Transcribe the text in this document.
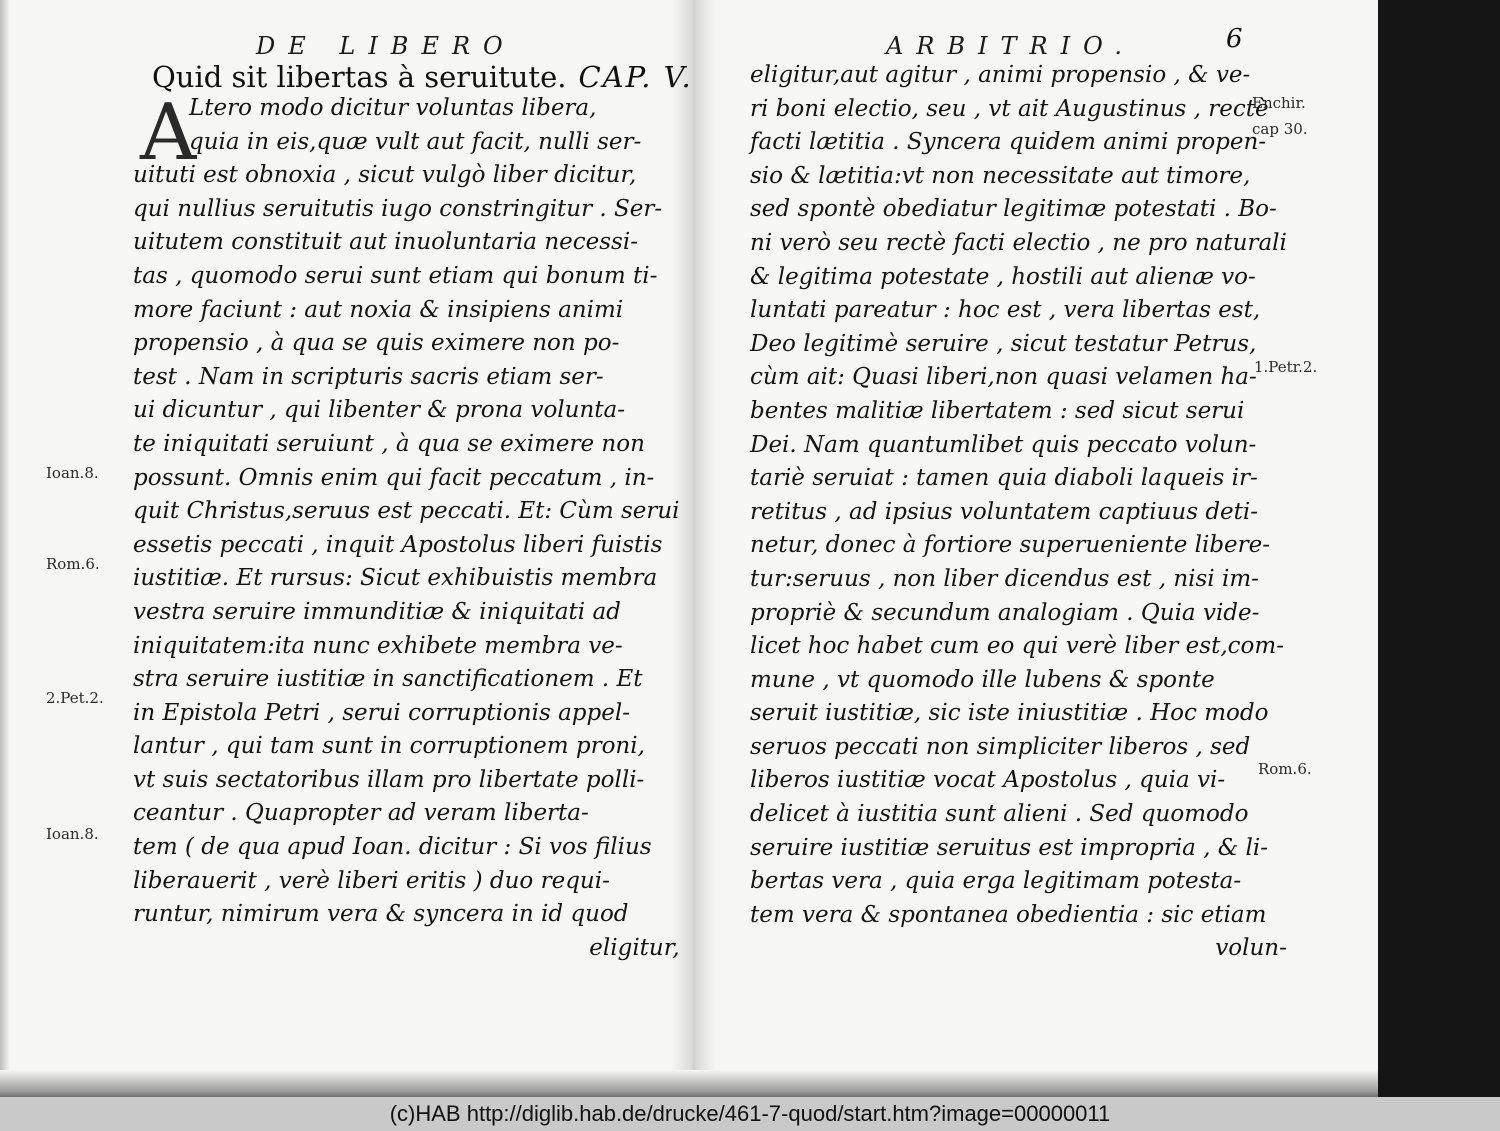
DE LIBERO
Quid sit libertas à seruitute. CAP. V.
A
Ltero modo dicitur voluntas libera,
quia in eis,quæ vult aut facit, nulli ser-
uituti est obnoxia , sicut vulgò liber dicitur,
qui nullius seruitutis iugo constringitur . Ser-
uitutem constituit aut inuoluntaria necessi-
tas , quomodo serui sunt etiam qui bonum ti-
more faciunt : aut noxia & insipiens animi
propensio , à qua se quis eximere non po-
test . Nam in scripturis sacris etiam ser-
ui dicuntur , qui libenter & prona volunta-
te iniquitati seruiunt , à qua se eximere non
possunt. Omnis enim qui facit peccatum , in-
quit Christus,seruus est peccati. Et: Cùm serui
essetis peccati , inquit Apostolus liberi fuistis
iustitiæ. Et rursus: Sicut exhibuistis membra
vestra seruire immunditiæ & iniquitati ad
iniquitatem:ita nunc exhibete membra ve-
stra seruire iustitiæ in sanctificationem . Et
in Epistola Petri , serui corruptionis appel-
lantur , qui tam sunt in corruptionem proni,
vt suis sectatoribus illam pro libertate polli-
ceantur . Quapropter ad veram liberta-
tem ( de qua apud Ioan. dicitur : Si vos filius
liberauerit , verè liberi eritis ) duo requi-
runtur, nimirum vera & syncera in id quod
eligitur,
Ioan.8.
Rom.6.
2.Pet.2.
Ioan.8.
ARBITRIO.	6
eligitur,aut agitur , animi propensio , & ve-
ri boni electio, seu , vt ait Augustinus , rectè
facti lætitia . Syncera quidem animi propen-
sio & lætitia:vt non necessitate aut timore,
sed spontè obediatur legitimæ potestati . Bo-
ni verò seu rectè facti electio , ne pro naturali
& legitima potestate , hostili aut alienæ vo-
luntati pareatur : hoc est , vera libertas est,
Deo legitimè seruire , sicut testatur Petrus,
cùm ait: Quasi liberi,non quasi velamen ha-
bentes malitiæ libertatem : sed sicut serui
Dei. Nam quantumlibet quis peccato volun-
tariè seruiat : tamen quia diaboli laqueis ir-
retitus , ad ipsius voluntatem captiuus deti-
netur, donec à fortiore superueniente libere-
tur:seruus , non liber dicendus est , nisi im-
propriè & secundum analogiam . Quia vide-
licet hoc habet cum eo qui verè liber est,com-
mune , vt quomodo ille lubens & sponte
seruit iustitiæ, sic iste iniustitiæ . Hoc modo
seruos peccati non simpliciter liberos , sed
liberos iustitiæ vocat Apostolus , quia vi-
delicet à iustitia sunt alieni . Sed quomodo
seruire iustitiæ seruitus est impropria , & li-
bertas vera , quia erga legitimam potesta-
tem vera & spontanea obedientia : sic etiam
volun-
Enchir.
cap 30.
1.Petr.2.
Rom.6.
(c)HAB http://diglib.hab.de/drucke/461-7-quod/start.htm?image=00000011
